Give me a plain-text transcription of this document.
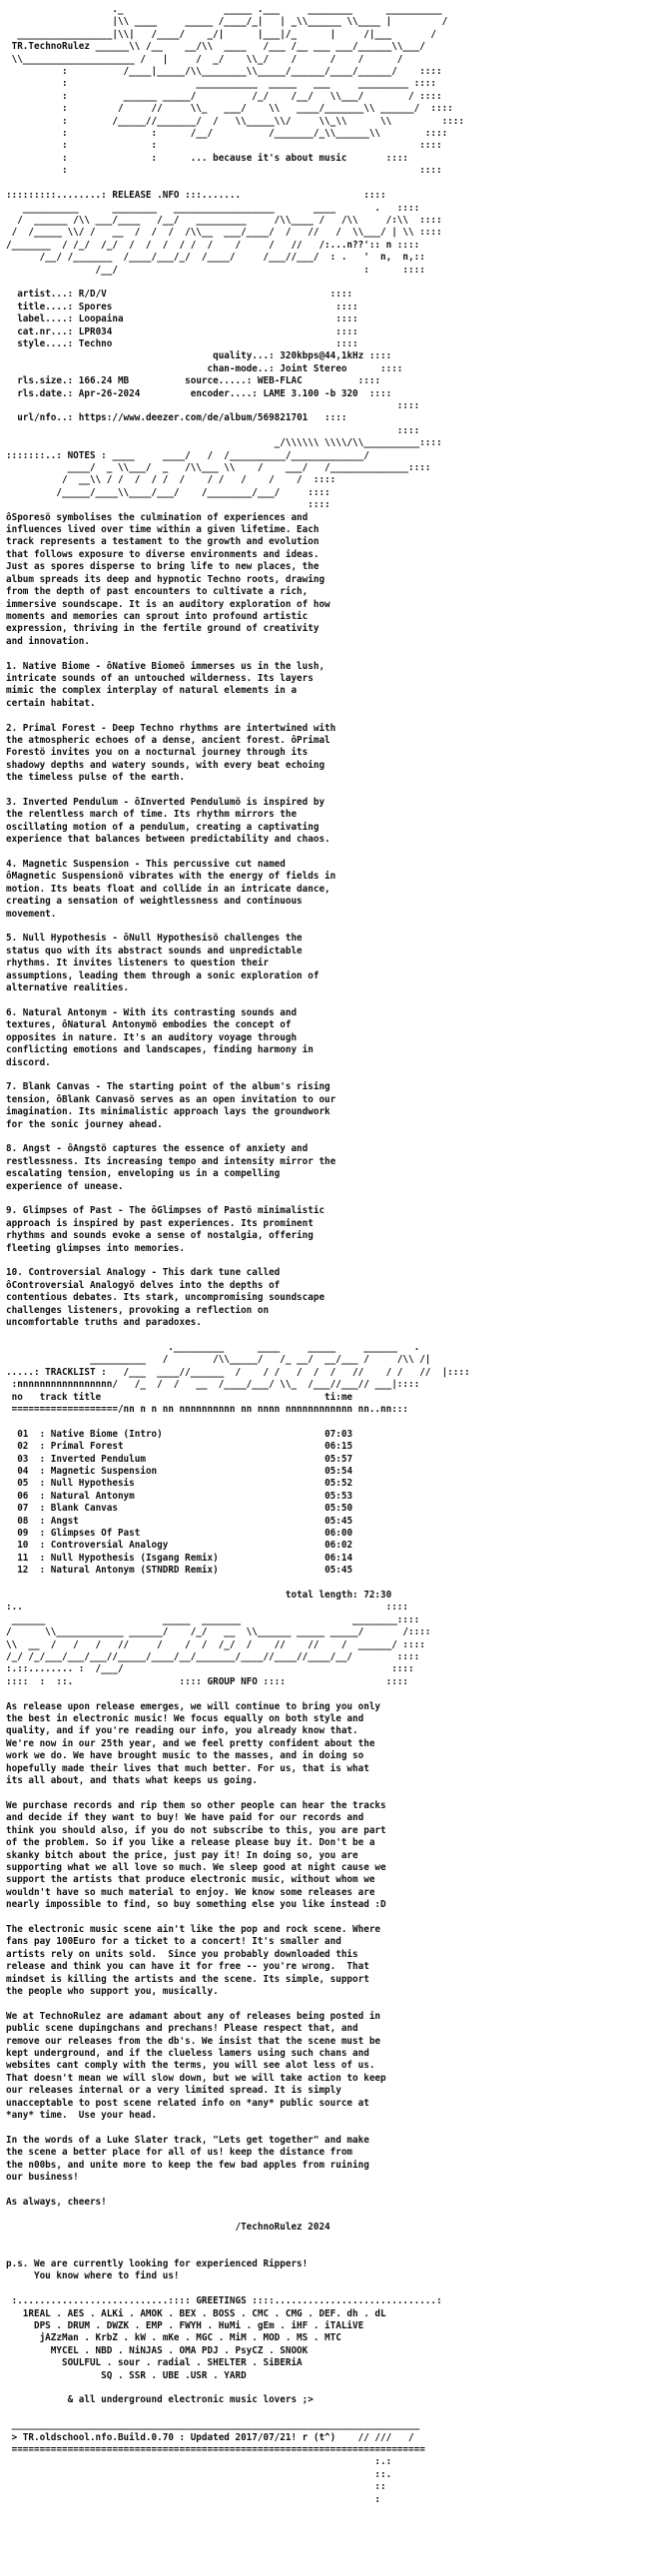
._                  _____ .___     ________      __________
|\\ ____     _____ /____/_|   | _\\______ \\____ |         /
_________________|\\|   /____/    _/|      |___|/_      |     /|___       /
TR.TechnoRulez ______\\ /__    __/\\  ____   /___ /__ ___ ___/______\\___/
\\____________________ /   |     /  _/    \\_/    /      /    /      /
:          /____|_____/\\________\\_____/______/____/______/    ::::
:                       ___________  _____   ___     _________ ::::
:          ______ _____/          /_/    /__/   \\___/        / ::::
:         /     //     \\_   ___/    \\   ____/_______\\ ______/  ::::
:        /_____//_______/  /   \\_____\\/     \\_\\      \\         ::::
:               :      /__/          /_______/_\\______\\        ::::
:               :                                               ::::
:               :	... because it's about music	::::
:                                                               ::::

:::::::::........: RELEASE .NFO :::.......	::::
__________      ________   __________________       ____       .   ::::
/  ______ /\\ ___/____   /__/   _________     /\\____ /   /\\     /:\\  ::::
/  /_____ \\/ /   __  /  /  /  /\\__  ___/____/  /   //   /  \\___/ | \\ ::::
/_______  / /_/  /_/  /  /  /  / /  /    /     /   //   /:...n??':: n ::::
/__/ /_______  /____/___/_/  /____/     /___//___/  : .   '  n,  n,::
/__/                                            :      ::::

artist...: R/D/V	::::
title....: Spores	::::
label....: Loopaina	::::
cat.nr...: LPR034	::::
style....: Techno	::::
quality...: 320kbps@44,1kHz ::::
chan-mode..: Joint Stereo	::::
rls.size.: 166.24 MB	source.....: WEB-FLAC	::::
rls.date.: Apr-26-2024	encoder....: LAME 3.100 -b 320  ::::
::::
url/nfo..: https://www.deezer.com/de/album/569821701   ::::
::::
_/\\\\\\ \\\\/\\__________::::
:::::::..: NOTES : ____     ____/   /  /__________/_____________/
____/  _ \\___/  _   /\\___ \\    /    ___/   /______________::::
/  __\\ / /  /  / /  /    / /   /    /    /  ::::
/_____/____\\____/___/    /________/___/     ::::
::::
ôSporesö symbolises the culmination of experiences and
influences lived over time within a given lifetime. Each
track represents a testament to the growth and evolution
that follows exposure to diverse environments and ideas.
Just as spores disperse to bring life to new places, the
album spreads its deep and hypnotic Techno roots, drawing
from the depth of past encounters to cultivate a rich,
immersive soundscape. It is an auditory exploration of how
moments and memories can sprout into profound artistic
expression, thriving in the fertile ground of creativity
and innovation.

1. Native Biome - ôNative Biomeö immerses us in the lush,
intricate sounds of an untouched wilderness. Its layers
mimic the complex interplay of natural elements in a
certain habitat.

2. Primal Forest - Deep Techno rhythms are intertwined with
the atmospheric echoes of a dense, ancient forest. ôPrimal
Forestö invites you on a nocturnal journey through its
shadowy depths and watery sounds, with every beat echoing
the timeless pulse of the earth.

3. Inverted Pendulum - ôInverted Pendulumö is inspired by
the relentless march of time. Its rhythm mirrors the
oscillating motion of a pendulum, creating a captivating
experience that balances between predictability and chaos.

4. Magnetic Suspension - This percussive cut named
ôMagnetic Suspensionö vibrates with the energy of fields in
motion. Its beats float and collide in an intricate dance,
creating a sensation of weightlessness and continuous
movement.

5. Null Hypothesis - ôNull Hypothesisö challenges the
status quo with its abstract sounds and unpredictable
rhythms. It invites listeners to question their
assumptions, leading them through a sonic exploration of
alternative realities.

6. Natural Antonym - With its contrasting sounds and
textures, ôNatural Antonymö embodies the concept of
opposites in nature. It's an auditory voyage through
conflicting emotions and landscapes, finding harmony in
discord.

7. Blank Canvas - The starting point of the album's rising
tension, ôBlank Canvasö serves as an open invitation to our
imagination. Its minimalistic approach lays the groundwork
for the sonic journey ahead.

8. Angst - ôAngstö captures the essence of anxiety and
restlessness. Its increasing tempo and intensity mirror the
escalating tension, enveloping us in a compelling
experience of unease.

9. Glimpses of Past - The ôGlimpses of Pastö minimalistic
approach is inspired by past experiences. Its prominent
rhythms and sounds evoke a sense of nostalgia, offering
fleeting glimpses into memories.

10. Controversial Analogy - This dark tune called
ôControversial Analogyö delves into the depths of
contentious debates. Its stark, uncompromising soundscape
challenges listeners, provoking a reflection on
uncomfortable truths and paradoxes.

._________      ____     _____     ______   .
__________   /        /\\_____/   /_ __/  __/___ /     /\\ /|
.....: TRACKLIST :   /___  ____//______  /    / /   /  /  /   //    / /   //  |::::
:nnnnnnnnnnnnnnnnn/   /_  /  /   __  /____/___/ \\_  /___//___// ___|::::
no   track title                                        ti:me
===================/nn n n nn nnnnnnnnnn nn nnnn nnnnnnnnnnnn nn..nn:::

01  : Native Biome (Intro)	07:03
02  : Primal Forest	06:15
03  : Inverted Pendulum	05:57
04  : Magnetic Suspension	05:54
05  : Null Hypothesis	05:52
06  : Natural Antonym	05:53
07  : Blank Canvas	05:50
08  : Angst	05:45
09  : Glimpses Of Past	06:00
10  : Controversial Analogy	06:02
11  : Null Hypothesis (Isgang Remix)	06:14
12  : Natural Antonym (STNDRD Remix)	05:45

total length: 72:30
:..                                                                 ::::
______                     _____  _______                    ________::::
/      \\____________ ______/    /_/   __  \\______ _____ _____/       /::::
\\  __  /   /   /   //     /    /  /  /_/  /    //    //    /  ______/ ::::
/_/ /_/___/___/___//_____/____/__/_______/____//____//____/__/        ::::
:.::........ :  /___/                                                ::::
::::  :  ::.	:::: GROUP NFO ::::	::::

As release upon release emerges, we will continue to bring you only
the best in electronic music! We focus equally on both style and
quality, and if you're reading our info, you already know that.
We're now in our 25th year, and we feel pretty confident about the
work we do. We have brought music to the masses, and in doing so
hopefully made their lives that much better. For us, that is what
its all about, and thats what keeps us going.

We purchase records and rip them so other people can hear the tracks
and decide if they want to buy! We have paid for our records and
think you should also, if you do not subscribe to this, you are part
of the problem. So if you like a release please buy it. Don't be a
skanky bitch about the price, just pay it! In doing so, you are
supporting what we all love so much. We sleep good at night cause we
support the artists that produce electronic music, without whom we
wouldn't have so much material to enjoy. We know some releases are
nearly impossible to find, so buy something else you like instead :D

The electronic music scene ain't like the pop and rock scene. Where
fans pay 100Euro for a ticket to a concert! It's smaller and
artists rely on units sold.  Since you probably downloaded this
release and think you can have it for free -- you're wrong.  That
mindset is killing the artists and the scene. Its simple, support
the people who support you, musically.

We at TechnoRulez are adamant about any of releases being posted in
public scene dupingchans and prechans! Please respect that, and
remove our releases from the db's. We insist that the scene must be
kept underground, and if the clueless lamers using such chans and
websites cant comply with the terms, you will see alot less of us.
That doesn't mean we will slow down, but we will take action to keep
our releases internal or a very limited spread. It is simply
unacceptable to post scene related info on *any* public source at
*any* time.  Use your head.

In the words of a Luke Slater track, "Lets get together" and make
the scene a better place for all of us! keep the distance from
the n00bs, and unite more to keep the few bad apples from ruining
our business!

As always, cheers!

/TechnoRulez 2024

p.s. We are currently looking for experienced Rippers!
You know where to find us!

:...........................:::: GREETINGS ::::.............................:
1REAL . AES . ALKi . AMOK . BEX . BOSS . CMC . CMG . DEF. dh . dL
DPS . DRUM . DWZK . EMP . FWYH . HuMi . gEm . iHF . iTALiVE
jAZzMan . KrbZ . kW . mKe . MGC . MiM . MOD . MS . MTC
MYCEL . NBD . NiNJAS . OMA PDJ . PsyCZ . SNOOK
SOULFUL . sour . radial . SHELTER . SiBERiA
SQ . SSR . UBE .USR . YARD

& all underground electronic music lovers ;>

_________________________________________________________________________
> TR.oldschool.nfo.Build.0.70 : Updated 2017/07/21! r (t^)    // ///   /
==========================================================================
:.:
::.
::
:
